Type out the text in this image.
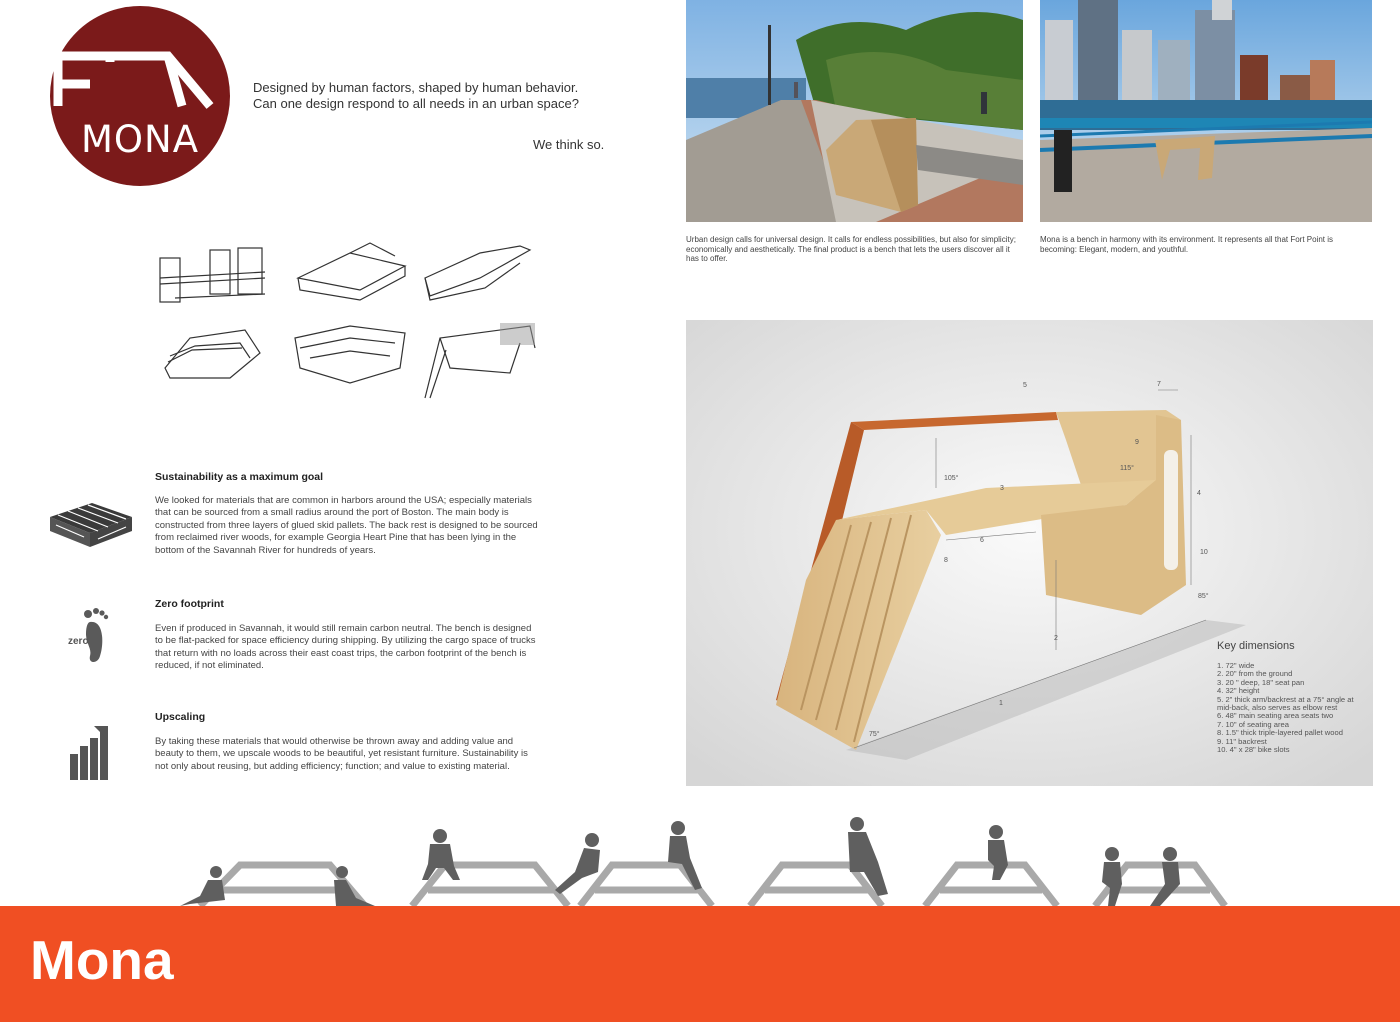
MONA
Designed by human factors, shaped by human behavior.
Can one design respond to all needs in an urban space?
We think so.
Urban design calls for universal design. It calls for endless possibilities, but also for simplicity; economically and aesthetically. The final product is a bench that lets the users discover all it has to offer.
Mona is a bench in harmony with its environment. It represents all that Fort Point is becoming: Elegant, modern, and youthful.
zero
Sustainability as a maximum goal
We looked for materials that are common in harbors around the USA; especially materials that can be sourced from a small radius around the port of Boston. The main body is constructed from three layers of glued skid pallets. The back rest is designed to be sourced from reclaimed river woods, for example Georgia Heart Pine that has been lying in the bottom of the Savannah River for hundreds of years.
Zero footprint
Even if produced in Savannah, it would still remain carbon neutral. The bench is designed to be flat-packed for space efficiency during shipping. By utilizing the cargo space of trucks that return with no loads across their east coast trips, the carbon footprint of the bench is reduced, if not eliminated.
Upscaling
By taking these materials that would otherwise be thrown away and adding value and beauty to them, we upscale woods to be beautiful, yet resistant furniture. Sustainability is not only about reusing, but adding efficiency; function; and value to existing material.
1
2
3
4
5
6
7
8
9
10
105°
115°
85°
75°
Key dimensions
1. 72" wide
2. 20" from the ground
3. 20 " deep, 18" seat pan
4. 32" height
5. 2" thick arm/backrest at a 75° angle at mid-back, also serves as elbow rest
6. 48" main seating area seats two
7. 10" of seating area
8. 1.5" thick triple-layered pallet wood
9. 11" backrest
10. 4" x 28" bike slots
Mona
